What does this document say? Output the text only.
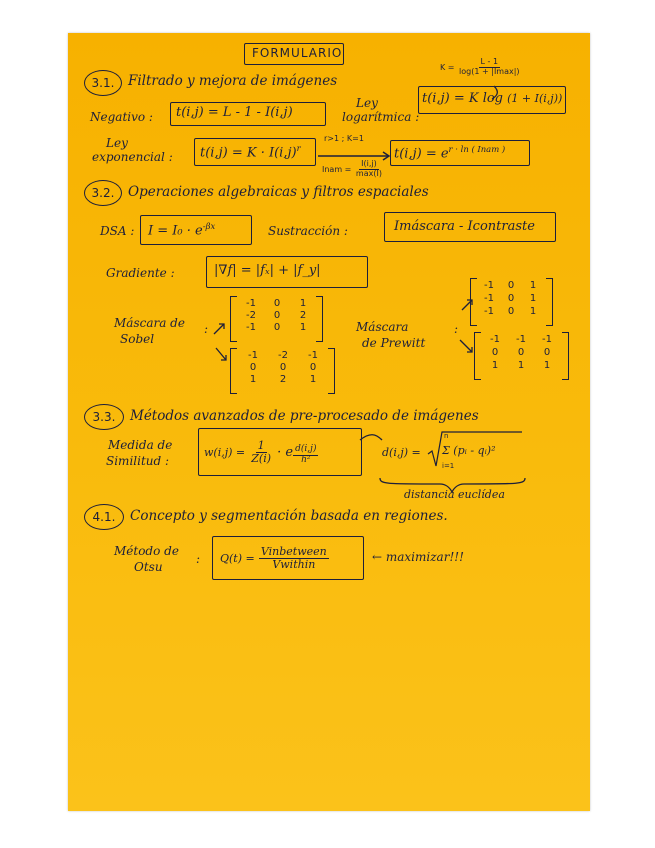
FORMULARIO
3.1.	Filtrado y mejora de imágenes
$K = \frac{L - 1}{\log(1 + |Imax|)}$
Negativo : t(i,j) = L - 1 - I(i,j)
Ley
logarítmica :
t(i,j) = K log (1 + I(i,j))
Ley
exponencial : $t(i,j) = K \cdot I(i,j)^r$
r>1 ; K=1
Inam = $\frac{I(i,j)}{\max(I)}$
$t(i,j) = e^{r \cdot ln ( Inam )}$
3.2.	Operaciones algebraicas y filtros espaciales
DSA : $I = I_0 \cdot e^{-\beta x}$	Sustracción :	Imáscara - Icontraste
Gradiente :	|∇f| = |fₓ| + |f_y|
Máscara de
Sobel
:
-1	0	1
-2	0	2
-1	0	1
-1	-2	-1
0	0	0
1	2	1
Máscara
de Prewitt
:
-1	0	1
-1	0	1
-1	0	1
-1	-1	-1
0	0	0
1	1	1
3.3.	Métodos avanzados de pre-procesado de imágenes
Medida de
Similitud :
$w(i,j) = \frac{1}{Z(i)} \cdot e$ $^{\frac{d(i,j)}{\text{h²}}}$	d(i,j) =
n
i=1
Σ (pᵢ - qᵢ)²
distancia euclídea
4.1.	Concepto y segmentación basada en regiones.
Método de
Otsu
: $Q(t) = \frac{\text{Vinbetween}}{\text{Vwithin}}$	← maximizar!!!
